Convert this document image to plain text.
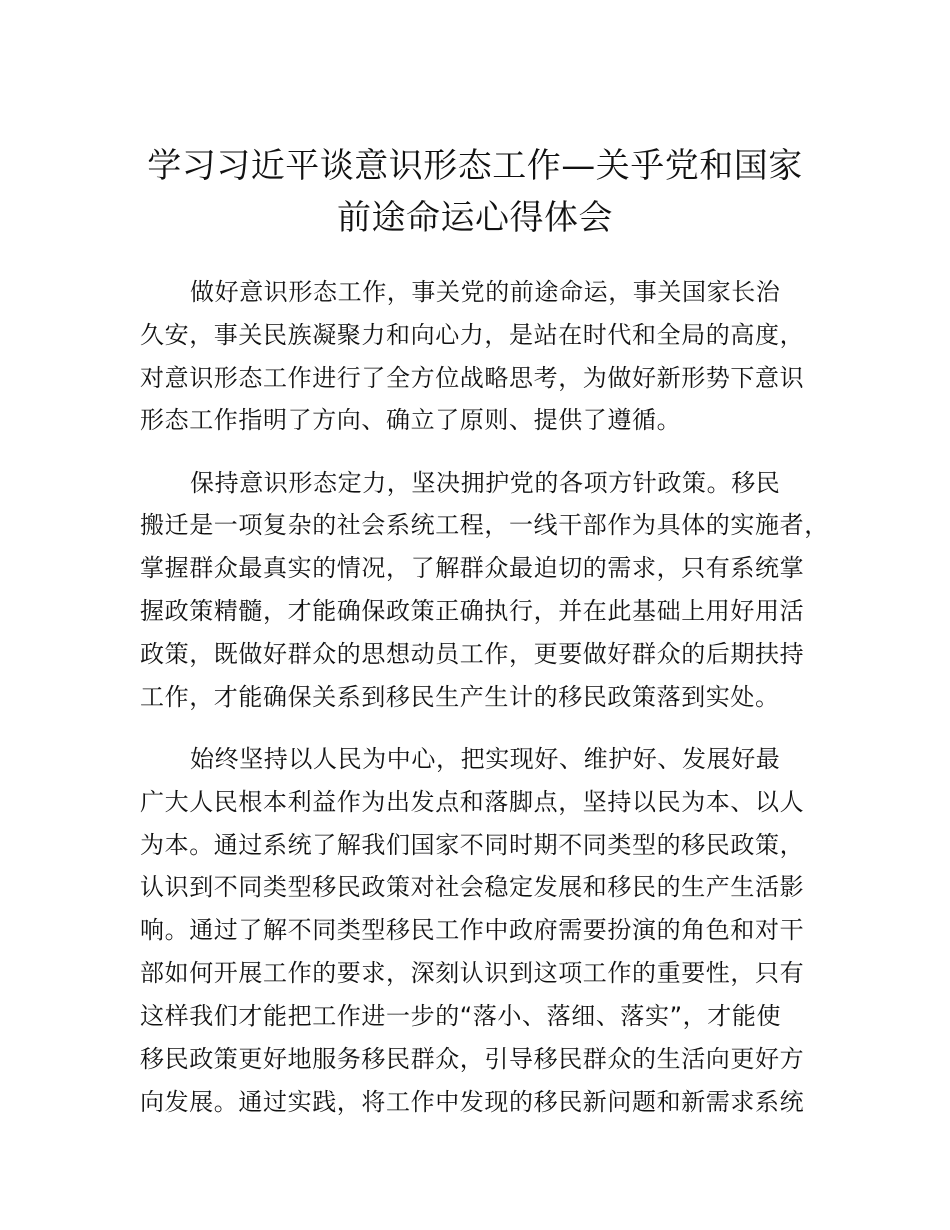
学习习近平谈意识形态工作—关乎党和国家
前途命运心得体会

做好意识形态工作，事关党的前途命运，事关国家长治

久安，事关民族凝聚力和向心力，是站在时代和全局的高度，

对意识形态工作进行了全方位战略思考，为做好新形势下意识

形态工作指明了方向、确立了原则、提供了遵循。

保持意识形态定力，坚决拥护党的各项方针政策。移民

搬迁是一项复杂的社会系统工程，一线干部作为具体的实施者，

掌握群众最真实的情况，了解群众最迫切的需求，只有系统掌

握政策精髓，才能确保政策正确执行，并在此基础上用好用活

政策，既做好群众的思想动员工作，更要做好群众的后期扶持

工作，才能确保关系到移民生产生计的移民政策落到实处。

始终坚持以人民为中心，把实现好、维护好、发展好最

广大人民根本利益作为出发点和落脚点，坚持以民为本、以人

为本。通过系统了解我们国家不同时期不同类型的移民政策，

认识到不同类型移民政策对社会稳定发展和移民的生产生活影

响。通过了解不同类型移民工作中政府需要扮演的角色和对干

部如何开展工作的要求，深刻认识到这项工作的重要性，只有

这样我们才能把工作进一步的“落小、落细、落实”，才能使

移民政策更好地服务移民群众，引导移民群众的生活向更好方

向发展。通过实践，将工作中发现的移民新问题和新需求系统
